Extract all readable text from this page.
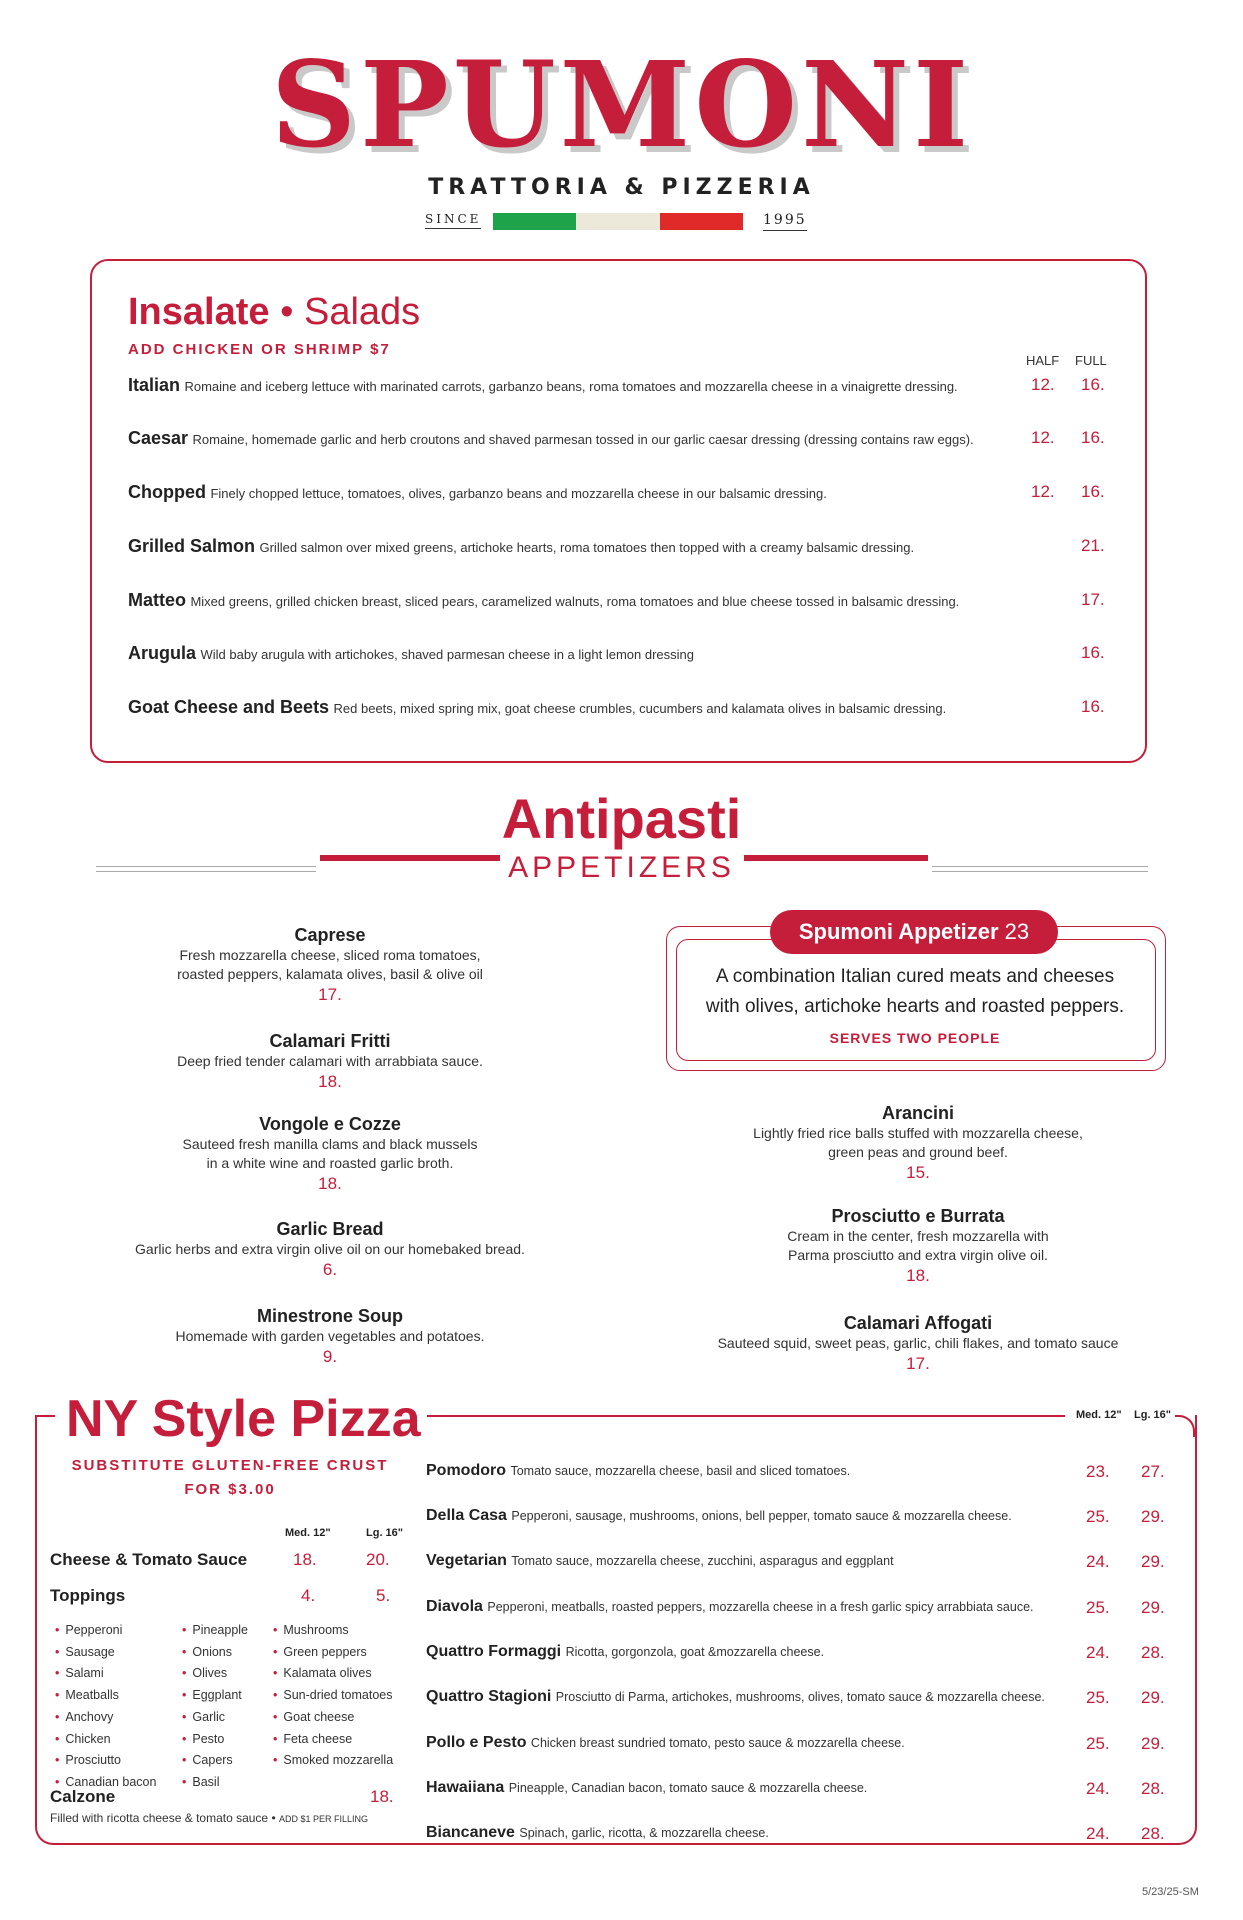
SPUMONI
TRATTORIA & PIZZERIA
SINCE	1995
Insalate • Salads
ADD CHICKEN OR SHRIMP $7
HALF FULL
Italian Romaine and iceberg lettuce with marinated carrots, garbanzo beans, roma tomatoes and mozzarella cheese in a vinaigrette dressing.	12. 16.
Caesar Romaine, homemade garlic and herb croutons and shaved parmesan tossed in our garlic caesar dressing (dressing contains raw eggs).	12. 16.
Chopped Finely chopped lettuce, tomatoes, olives, garbanzo beans and mozzarella cheese in our balsamic dressing.	12. 16.
Grilled Salmon Grilled salmon over mixed greens, artichoke hearts, roma tomatoes then topped with a creamy balsamic dressing.	21.
Matteo Mixed greens, grilled chicken breast, sliced pears, caramelized walnuts, roma tomatoes and blue cheese tossed in balsamic dressing.	17.
Arugula Wild baby arugula with artichokes, shaved parmesan cheese in a light lemon dressing	16.
Goat Cheese and Beets Red beets, mixed spring mix, goat cheese crumbles, cucumbers and kalamata olives in balsamic dressing.	16.
Antipasti
APPETIZERS
Caprese
Fresh mozzarella cheese, sliced roma tomatoes,
roasted peppers, kalamata olives, basil & olive oil
17.
Calamari Fritti
Deep fried tender calamari with arrabbiata sauce.
18.
Vongole e Cozze
Sauteed fresh manilla clams and black mussels
in a white wine and roasted garlic broth.
18.
Garlic Bread
Garlic herbs and extra virgin olive oil on our homebaked bread.
6.
Minestrone Soup
Homemade with garden vegetables and potatoes.
9.
Arancini
Lightly fried rice balls stuffed with mozzarella cheese,
green peas and ground beef.
15.
Prosciutto e Burrata
Cream in the center, fresh mozzarella with
Parma prosciutto and extra virgin olive oil.
18.
Calamari Affogati
Sauteed squid, sweet peas, garlic, chili flakes, and tomato sauce
17.
Spumoni Appetizer 23
A combination Italian cured meats and cheeses
with olives, artichoke hearts and roasted peppers.
SERVES TWO PEOPLE
NY Style Pizza	Med. 12"	Lg. 16"
SUBSTITUTE GLUTEN-FREE CRUST
FOR $3.00
Med. 12"	Lg. 16"
Cheese & Tomato Sauce	18.	20.
Toppings	4.	5.
• Pepperoni
• Sausage
• Salami
• Meatballs
• Anchovy
• Chicken
• Prosciutto
• Canadian bacon
• Pineapple
• Onions
• Olives
• Eggplant
• Garlic
• Pesto
• Capers
• Basil
• Mushrooms
• Green peppers
• Kalamata olives
• Sun-dried tomatoes
• Goat cheese
• Feta cheese
• Smoked mozzarella
Calzone	18.
Filled with ricotta cheese & tomato sauce • ADD $1 PER FILLING
Pomodoro Tomato sauce, mozzarella cheese, basil and sliced tomatoes.	23. 27.
Della Casa Pepperoni, sausage, mushrooms, onions, bell pepper, tomato sauce & mozzarella cheese.	25. 29.
Vegetarian Tomato sauce, mozzarella cheese, zucchini, asparagus and eggplant	24. 29.
Diavola Pepperoni, meatballs, roasted peppers, mozzarella cheese in a fresh garlic spicy arrabbiata sauce.	25. 29.
Quattro Formaggi Ricotta, gorgonzola, goat &mozzarella cheese.	24. 28.
Quattro Stagioni Prosciutto di Parma, artichokes, mushrooms, olives, tomato sauce & mozzarella cheese. 25. 29.
Pollo e Pesto Chicken breast sundried tomato, pesto sauce & mozzarella cheese.	25. 29.
Hawaiiana Pineapple, Canadian bacon, tomato sauce & mozzarella cheese.	24. 28.
Biancaneve Spinach, garlic, ricotta, & mozzarella cheese.	24. 28.
5/23/25-SM
